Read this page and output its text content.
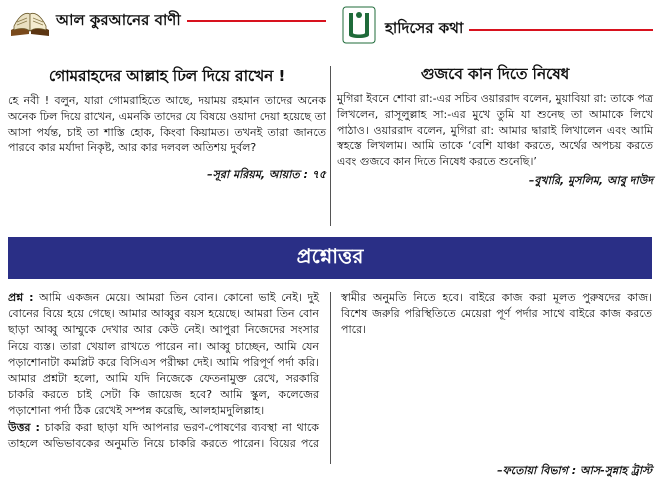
আল কুরআনের বাণী
গোমরাহদের আল্লাহ ঢিল দিয়ে রাখেন !

হে নবী ! বলুন, যারা গোমরাহিতে আছে, দয়াময় রহমান তাদের অনেক অনেক ঢিল দিয়ে রাখেন, এমনকি তাদের যে বিষয়ে ওয়াদা দেয়া হয়েছে তা আসা পর্যন্ত, চাই তা শাস্তি হোক, কিংবা কিয়ামত। তখনই তারা জানতে পারবে কার মর্যাদা নিকৃষ্ট, আর কার দলবল অতিশয় দুর্বল?

–সূরা মরিয়ম, আয়াত : ৭৫
হাদিসের কথা
গুজবে কান দিতে নিষেধ

মুগিরা ইবনে শোবা রা:-এর সচিব ওয়াররাদ বলেন, মুয়াবিয়া রা: তাকে পত্র লিখলেন, রাসূলুল্লাহ সা:-এর মুখে তুমি যা শুনেছ তা আমাকে লিখে পাঠাও। ওয়াররাদ বলেন, মুগিরা রা: আমার দ্বারাই লিখালেন এবং আমি স্বহস্তে লিখলাম। আমি তাকে ‘বেশি যাঞ্চা করতে, অর্থের অপচয় করতে এবং গুজবে কান দিতে নিষেধ করতে শুনেছি।’

–বুখারি, মুসলিম, আবু দাউদ
প্রশ্নোত্তর

প্রশ্ন : আমি একজন মেয়ে। আমরা তিন বোন। কোনো ভাই নেই। দুই বোনের বিয়ে হয়ে গেছে। আমার আব্বুর বয়স হয়েছে। আমরা তিন বোন ছাড়া আব্বু আম্মুকে দেখার আর কেউ নেই। আপুরা নিজেদের সংসার নিয়ে ব্যস্ত। তারা খেয়াল রাখতে পারেন না। আব্বু চাচ্ছেন, আমি যেন পড়াশোনাটা কমপ্লিট করে বিসিএস পরীক্ষা দেই। আমি পরিপূর্ণ পর্দা করি। আমার প্রশ্নটা হলো, আমি যদি নিজেকে ফেতনামুক্ত রেখে, সরকারি চাকরি করতে চাই সেটা কি জায়েজ হবে? আমি স্কুল, কলেজের পড়াশোনা পর্দা ঠিক রেখেই সম্পন্ন করেছি, আলহামদুলিল্লাহ।

উত্তর : চাকরি করা ছাড়া যদি আপনার ভরণ-পোষণের ব্যবস্থা না থাকে তাহলে অভিভাবকের অনুমতি নিয়ে চাকরি করতে পারেন। বিয়ের পরে স্বামীর অনুমতি নিতে হবে। বাইরে কাজ করা মূলত পুরুষদের কাজ। বিশেষ জরুরি পরিস্থিতিতে মেয়েরা পূর্ণ পর্দার সাথে বাইরে কাজ করতে পারে।

–ফতোয়া বিভাগ : আস-সুন্নাহ ট্রাস্ট
